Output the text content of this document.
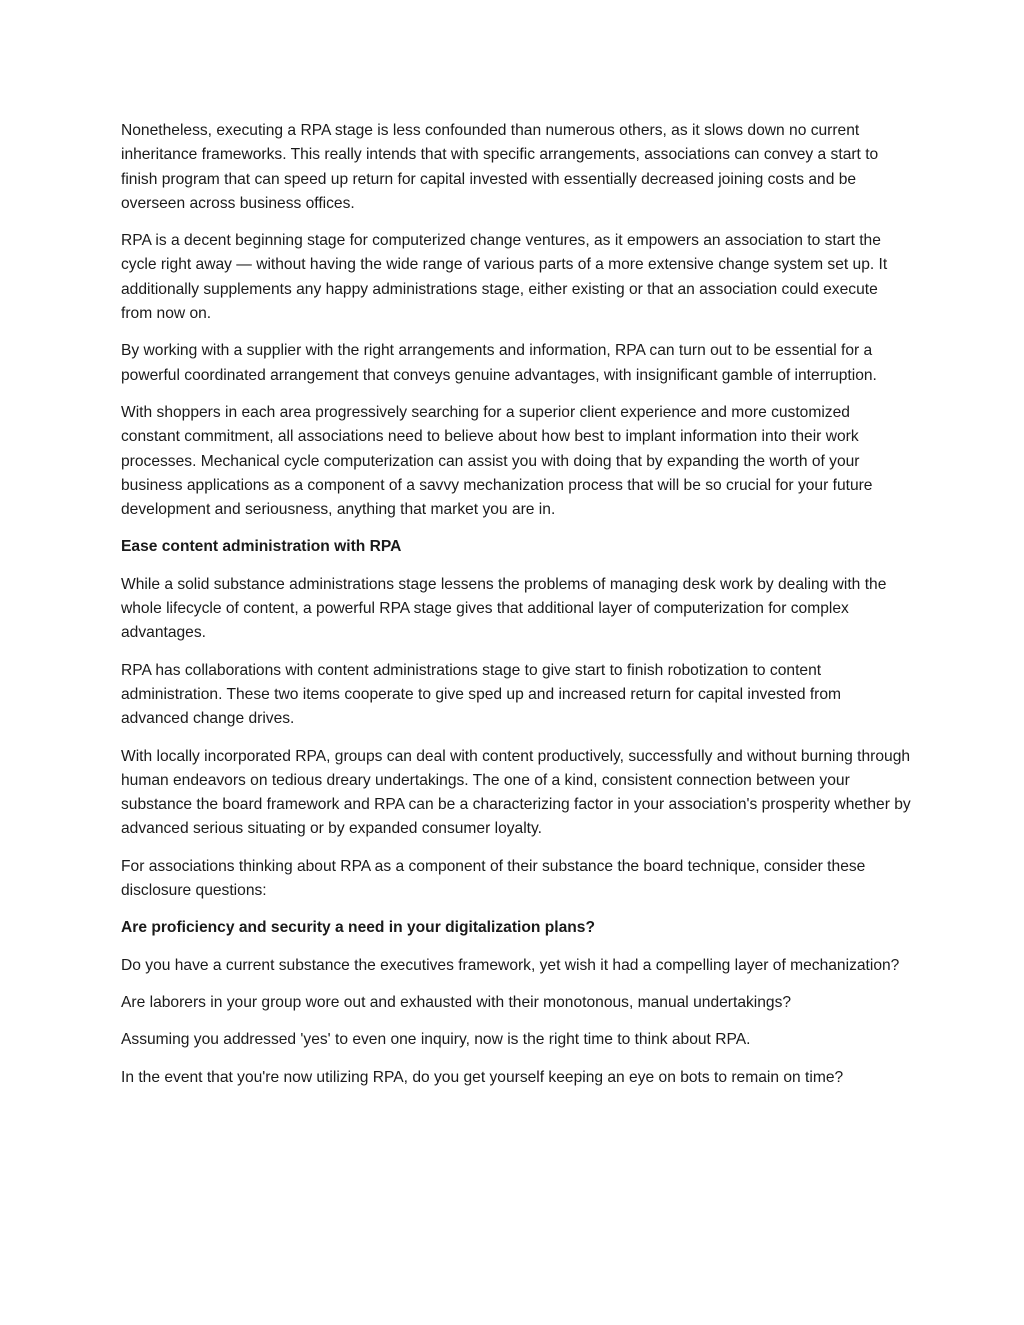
Nonetheless, executing a RPA stage is less confounded than numerous others, as it slows down no current inheritance frameworks. This really intends that with specific arrangements, associations can convey a start to finish program that can speed up return for capital invested with essentially decreased joining costs and be overseen across business offices.

RPA is a decent beginning stage for computerized change ventures, as it empowers an association to start the cycle right away — without having the wide range of various parts of a more extensive change system set up. It additionally supplements any happy administrations stage, either existing or that an association could execute from now on.

By working with a supplier with the right arrangements and information, RPA can turn out to be essential for a powerful coordinated arrangement that conveys genuine advantages, with insignificant gamble of interruption.

With shoppers in each area progressively searching for a superior client experience and more customized constant commitment, all associations need to believe about how best to implant information into their work processes. Mechanical cycle computerization can assist you with doing that by expanding the worth of your business applications as a component of a savvy mechanization process that will be so crucial for your future development and seriousness, anything that market you are in.

Ease content administration with RPA

While a solid substance administrations stage lessens the problems of managing desk work by dealing with the whole lifecycle of content, a powerful RPA stage gives that additional layer of computerization for complex advantages.

RPA has collaborations with content administrations stage to give start to finish robotization to content administration. These two items cooperate to give sped up and increased return for capital invested from advanced change drives.

With locally incorporated RPA, groups can deal with content productively, successfully and without burning through human endeavors on tedious dreary undertakings. The one of a kind, consistent connection between your substance the board framework and RPA can be a characterizing factor in your association's prosperity whether by advanced serious situating or by expanded consumer loyalty.

For associations thinking about RPA as a component of their substance the board technique, consider these disclosure questions:

Are proficiency and security a need in your digitalization plans?

Do you have a current substance the executives framework, yet wish it had a compelling layer of mechanization?

Are laborers in your group wore out and exhausted with their monotonous, manual undertakings?

Assuming you addressed 'yes' to even one inquiry, now is the right time to think about RPA.

In the event that you're now utilizing RPA, do you get yourself keeping an eye on bots to remain on time?
